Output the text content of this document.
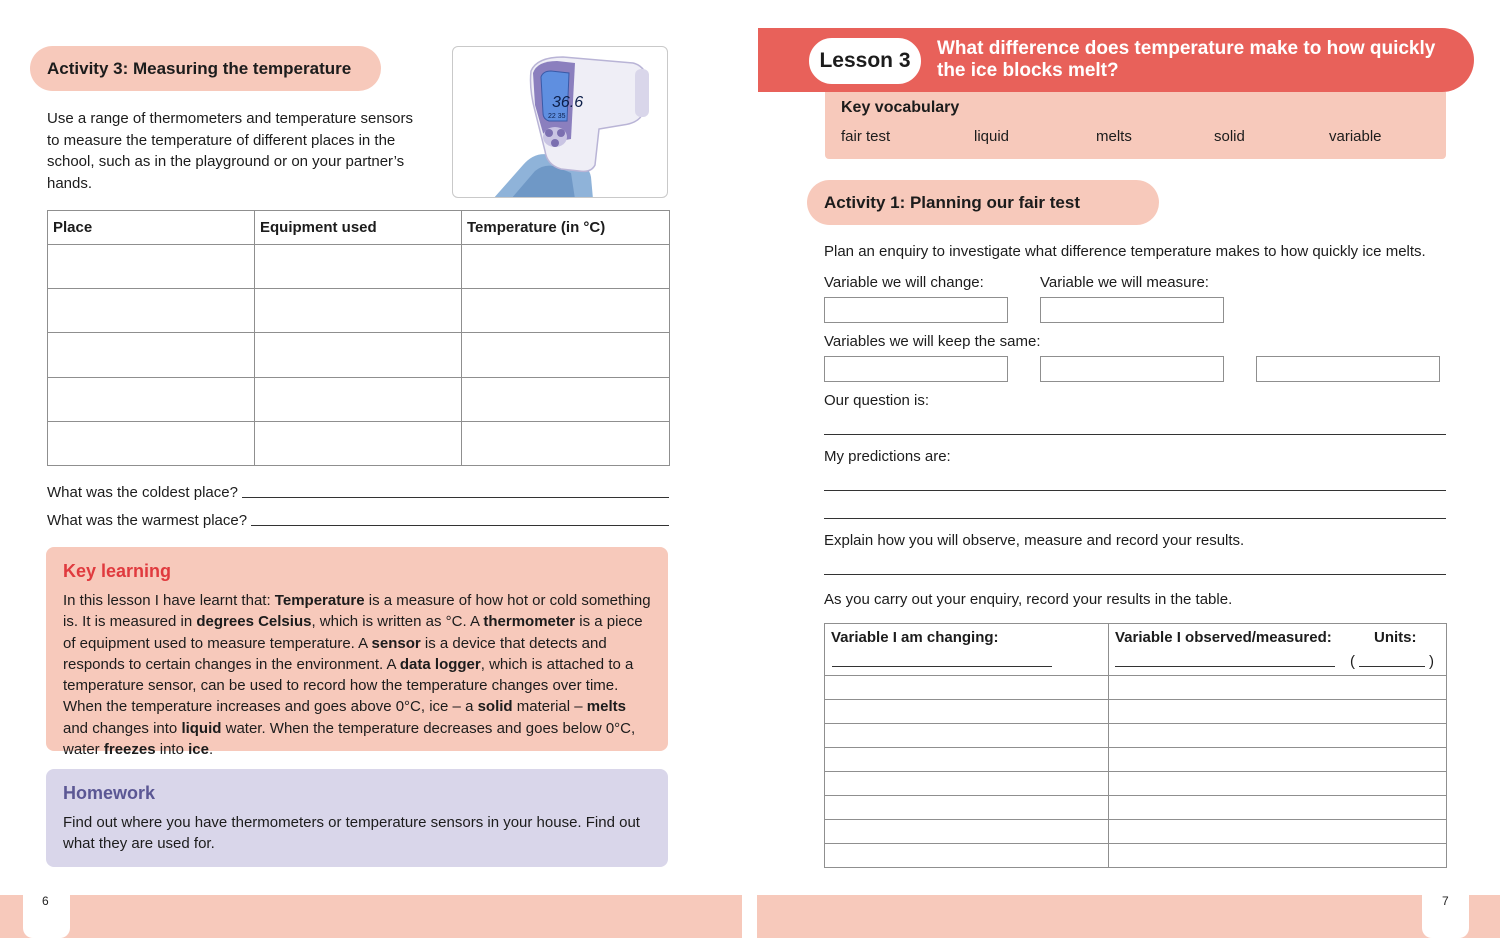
Activity 3: Measuring the temperature

Use a range of thermometers and temperature sensors to measure the temperature of different places in the school, such as in the playground or on your partner’s hands.

36.6
22 35
Place	Equipment used	Temperature (in °C)

What was the coldest place?
What was the warmest place?
Key learning

In this lesson I have learnt that: Temperature is a measure of how hot or cold something is. It is measured in degrees Celsius, which is written as °C. A thermometer is a piece of equipment used to measure temperature. A sensor is a device that detects and responds to certain changes in the environment. A data logger, which is attached to a temperature sensor, can be used to record how the temperature changes over time. When the temperature increases and goes above 0°C, ice – a solid material – melts and changes into liquid water. When the temperature decreases and goes below 0°C, water freezes into ice.

Homework

Find out where you have thermometers or temperature sensors in your house. Find out what they are used for.

6	7
Lesson 3
What difference does temperature make to how quickly the ice blocks melt?
Key vocabulary
fair test	liquid	melts	solid	variable
Activity 1: Planning our fair test
Plan an enquiry to investigate what difference temperature makes to how quickly ice melts.
Variable we will change:	Variable we will measure:
Variables we will keep the same:
Our question is:
My predictions are:
Explain how you will observe, measure and record your results.
As you carry out your enquiry, record your results in the table.
Variable I am changing:	Variable I observed/measured: Units:
( )
